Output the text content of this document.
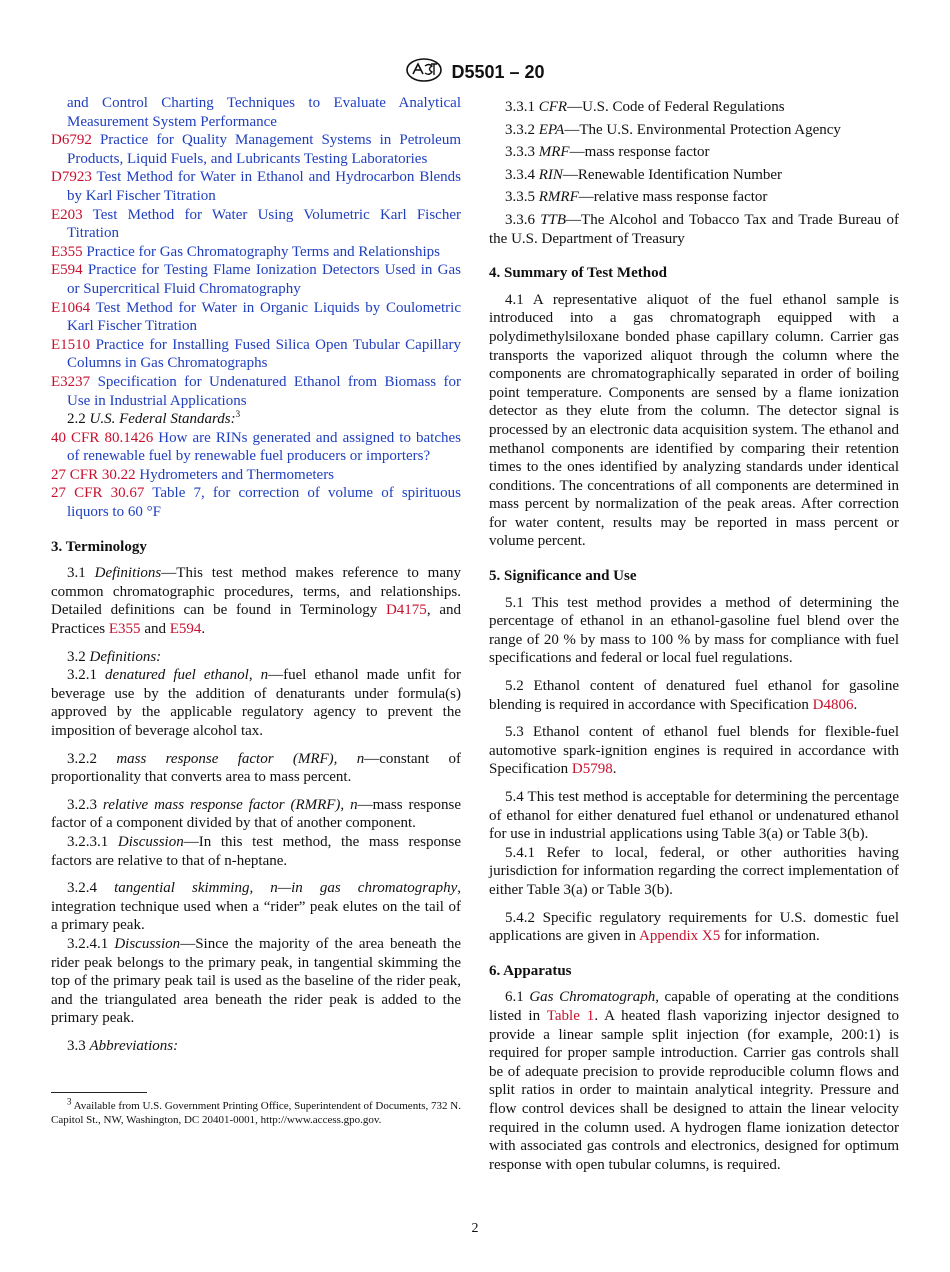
D5501 – 20

and Control Charting Techniques to Evaluate Analytical Measurement System Performance

D6792 Practice for Quality Management Systems in Petroleum Products, Liquid Fuels, and Lubricants Testing Laboratories

D7923 Test Method for Water in Ethanol and Hydrocarbon Blends by Karl Fischer Titration

E203 Test Method for Water Using Volumetric Karl Fischer Titration

E355 Practice for Gas Chromatography Terms and Relationships

E594 Practice for Testing Flame Ionization Detectors Used in Gas or Supercritical Fluid Chromatography

E1064 Test Method for Water in Organic Liquids by Coulometric Karl Fischer Titration

E1510 Practice for Installing Fused Silica Open Tubular Capillary Columns in Gas Chromatographs

E3237 Specification for Undenatured Ethanol from Biomass for Use in Industrial Applications

2.2 U.S. Federal Standards:$^3$

40 CFR 80.1426 How are RINs generated and assigned to batches of renewable fuel by renewable fuel producers or importers?

27 CFR 30.22 Hydrometers and Thermometers

27 CFR 30.67 Table 7, for correction of volume of spirituous liquors to 60 °F

3. Terminology

3.1 Definitions—This test method makes reference to many common chromatographic procedures, terms, and relationships. Detailed definitions can be found in Terminology D4175, and Practices E355 and E594.

3.2 Definitions:

3.2.1 denatured fuel ethanol, n—fuel ethanol made unfit for beverage use by the addition of denaturants under formula(s) approved by the applicable regulatory agency to prevent the imposition of beverage alcohol tax.

3.2.2 mass response factor (MRF), n—constant of proportionality that converts area to mass percent.

3.2.3 relative mass response factor (RMRF), n—mass response factor of a component divided by that of another component.

3.2.3.1 Discussion—In this test method, the mass response factors are relative to that of n-heptane.

3.2.4 tangential skimming, n—in gas chromatography, integration technique used when a “rider” peak elutes on the tail of a primary peak.

3.2.4.1 Discussion—Since the majority of the area beneath the rider peak belongs to the primary peak, in tangential skimming the top of the primary peak tail is used as the baseline of the rider peak, and the triangulated area beneath the rider peak is added to the primary peak.

3.3 Abbreviations:

$^3$ Available from U.S. Government Printing Office, Superintendent of Documents, 732 N. Capitol St., NW, Washington, DC 20401-0001, http://www.access.gpo.gov.

3.3.1 CFR—U.S. Code of Federal Regulations

3.3.2 EPA—The U.S. Environmental Protection Agency

3.3.3 MRF—mass response factor

3.3.4 RIN—Renewable Identification Number

3.3.5 RMRF—relative mass response factor

3.3.6 TTB—The Alcohol and Tobacco Tax and Trade Bureau of the U.S. Department of Treasury

4. Summary of Test Method

4.1 A representative aliquot of the fuel ethanol sample is introduced into a gas chromatograph equipped with a polydimethylsiloxane bonded phase capillary column. Carrier gas transports the vaporized aliquot through the column where the components are chromatographically separated in order of boiling point temperature. Components are sensed by a flame ionization detector as they elute from the column. The detector signal is processed by an electronic data acquisition system. The ethanol and methanol components are identified by comparing their retention times to the ones identified by analyzing standards under identical conditions. The concentrations of all components are determined in mass percent by normalization of the peak areas. After correction for water content, results may be reported in mass percent or volume percent.

5. Significance and Use

5.1 This test method provides a method of determining the percentage of ethanol in an ethanol-gasoline fuel blend over the range of 20 % by mass to 100 % by mass for compliance with fuel specifications and federal or local fuel regulations.

5.2 Ethanol content of denatured fuel ethanol for gasoline blending is required in accordance with Specification D4806.

5.3 Ethanol content of ethanol fuel blends for flexible-fuel automotive spark-ignition engines is required in accordance with Specification D5798.

5.4 This test method is acceptable for determining the percentage of ethanol for either denatured fuel ethanol or undenatured ethanol for use in industrial applications using Table 3(a) or Table 3(b).

5.4.1 Refer to local, federal, or other authorities having jurisdiction for information regarding the correct implementation of either Table 3(a) or Table 3(b).

5.4.2 Specific regulatory requirements for U.S. domestic fuel applications are given in Appendix X5 for information.

6. Apparatus

6.1 Gas Chromatograph, capable of operating at the conditions listed in Table 1. A heated flash vaporizing injector designed to provide a linear sample split injection (for example, 200:1) is required for proper sample introduction. Carrier gas controls shall be of adequate precision to provide reproducible column flows and split ratios in order to maintain analytical integrity. Pressure and flow control devices shall be designed to attain the linear velocity required in the column used. A hydrogen flame ionization detector with associated gas controls and electronics, designed for optimum response with open tubular columns, is required.

2
